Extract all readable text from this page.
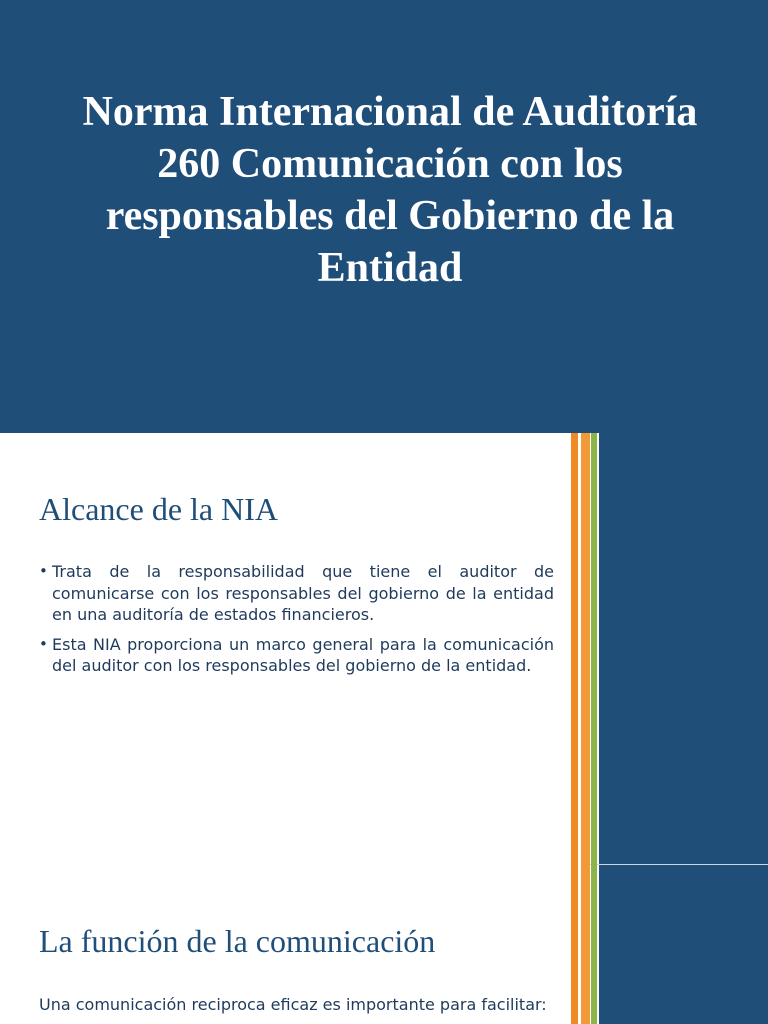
Norma Internacional de Auditoría 260 Comunicación con los responsables del Gobierno de la Entidad
Alcance de la NIA
• Trata de la responsabilidad que tiene el auditor de comunicarse con los responsables del gobierno de la entidad en una auditoría de estados financieros.
• Esta NIA proporciona un marco general para la comunicación del auditor con los responsables del gobierno de la entidad.
La función de la comunicación

Una comunicación reciproca eficaz es importante para facilitar:
